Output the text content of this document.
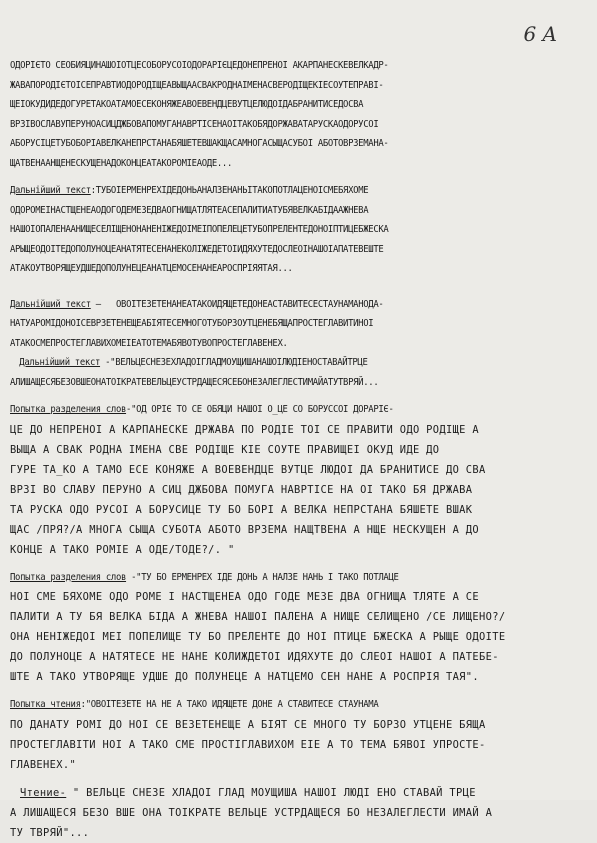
6 A
ОДОРІЄТО СЕОБИЯЦИНАШОІОТЦЕСОБОРУСОІОДОРАРІЄЦЕДОНЕПРЕНОІ АКАРПАНЕСКЕВЕЛКАДР-
ЖАВАПОРОДІЄТОІСЕПРАВТИОДОРОДІЩЕАВЫЩААСВАКРОДНАІМЕНАСВЕРОДІЩЕКІЕСОУТЕПРАВІ-
ЩЕІОКУДИДЕДОГУРЕТАКОАТАМОЕСЕКОНЯЖЕАВОЕВЕНДЦЕВУТЦЕЛЮДОІДАБРАНИТИСЕДОСВА
ВРЗІВОСЛАВУПЕРУНОАСИЦДЖБОВАПОМУГАНАВРТІСЕНАОІТАКОБЯДОРЖАВАТАРУСКАОДОРУСОІ
АБОРУСІЦЕТУБОБОРІАВЕЛКАНЕПРСТАНАБЯШЕТЕВШАКЩАСАМНОГАСЫЩАСУБОІ АБОТОВРЗЕМАНА-
ЩАТВЕНААНЩЕНЕСКУЩЕНАДОКОНЦЕАТАКОРОМІЕАОДЕ...
Дальнійший текст:ТУБОІЕРМЕНРЕХІДЕДОНЬАНАЛЗЕНАНЬІТАКОПОТЛАЦЕНОІСМЕБЯХОМЕ
ОДОРОМЕІНАСТЩЕНЕАОДОГОДЕМЕЗЕДВАОГНИЩАТЛЯТЕАСЕПАЛИТИАТУБЯВЕЛКАБІДААЖНЕВА
НАШОІОПАЛЕНААНИЩЕСЕЛІЩЕНОНАНЕНІЖЕДОІМЕІПОПЕЛЕЦЕТУБОПРЕЛЕНТЕДОНОІПТИЦЕБЖЕСКА
АРЫЩЕОДОІТЕДОПОЛУНОЦЕАНАТЯТЕСЕНАНЕКОЛІЖЕДЕТОІИДЯХУТЕДОСЛЕОІНАШОІАПАТЕВЕШТЕ
АТАКОУТВОРЯЩЕУДШЕДОПОЛУНЕЦЕАНАТЦЕМОСЕНАНЕАРОСПРІЯЯТАЯ...
Дальнійший текст –   ОВОІТЕЗЕТЕНАНЕАТАКОИДЯЩЕТЕДОНЕАСТАВИТЕСЕСТАУНАМАНОДА-
НАТУАРОМІДОНОІСЕВРЗЕТЕНЕЩЕАБІЯТЕСЕМНОГОТУБОРЗОУТЦЕНЕБЯЩАПРОСТЕГЛАВИТИНОІ
АТАКОСМЕПРОСТЕГЛАВИХОМЕІЕАТОТЕМАБЯВОТУВОПРОСТЕГЛАВЕНЕХ.
Дальнійший текст -"ВЕЛЬЦЕСНЕЗЕХЛАДОІГЛАДМОУЩИШАНАШОІЛЮДІЕНОСТАВАЙТРЦЕ
АЛИШАЩЕСЯБЕЗОВШЕОНАТОІКРАТЕВЕЛЬЦЕУСТРДАЩЕСЯСЕБОНЕЗАЛЕГЛЕСТИМАЙАТУТВРЯЙ...
Попытка разделения слов-"ОД ОРІЄ ТО СЕ ОБЯЦИ НАШОІ О_ЦЕ СО БОРУССОІ ДОРАРІЄ-
ЦЕ ДО НЕПРЕНОІ А КАРПАНЕСКЕ ДРЖАВА ПО РОДІЕ ТОІ СЕ ПРАВИТИ ОДО РОДІЩЕ А
ВЫЩА А СВАК РОДНА ІМЕНА СВЕ РОДІЩЕ КІЕ СОУТЕ ПРАВИЩЕІ ОКУД ИДЕ ДО
ГУРЕ ТА_КО А ТАМО ЕСЕ КОНЯЖЕ А ВОЕВЕНДЦЕ ВУТЦЕ ЛЮДОІ ДА БРАНИТИСЕ ДО СВА
ВРЗІ ВО СЛАВУ ПЕРУНО А СИЦ ДЖБОВА ПОМУГА НАВРТІСЕ НА ОІ ТАКО БЯ ДРЖАВА
ТА РУСКА ОДО РУСОІ А БОРУСИЦЕ ТУ БО БОРІ А ВЕЛКА НЕПРСТАНА БЯШЕТЕ ВШАК
ЩАС /ПРЯ?/А МНОГА СЫЩА СУБОТА АБОТО ВРЗЕМА НАЩТВЕНА А НЩЕ НЕСКУЩЕН А ДО
КОНЦЕ А ТАКО РОМІЕ А ОДЕ/ТОДЕ?/. "
Попытка разделения слов -"ТУ БО ЕРМЕНРЕХ ІДЕ ДОНЬ А НАЛЗЕ НАНЬ І ТАКО ПОТЛАЦЕ
НОІ СМЕ БЯХОМЕ ОДО РОМЕ І НАСТЩЕНЕА ОДО ГОДЕ МЕЗЕ ДВА ОГНИЩА ТЛЯТЕ А СЕ
ПАЛИТИ А ТУ БЯ ВЕЛКА БІДА А ЖНЕВА НАШОІ ПАЛЕНА А НИЩЕ СЕЛИЩЕНО /СЕ ЛИЩЕНО?/
ОНА НЕНІЖЕДОІ МЕІ ПОПЕЛИЩЕ ТУ БО ПРЕЛЕНТЕ ДО НОІ ПТИЦЕ БЖЕСКА А РЫЩЕ ОДОІТЕ
ДО ПОЛУНОЦЕ А НАТЯТЕСЕ НЕ НАНЕ КОЛИЖДЕТОІ ИДЯХУТЕ ДО СЛЕОІ НАШОІ А ПАТЕБЕ-
ШТЕ А ТАКО УТВОРЯЩЕ УДШЕ ДО ПОЛУНЕЦЕ А НАТЦЕМО СЕН НАНЕ А РОСПРІЯ ТАЯ".
Попытка чтения:"ОВОІТЕЗЕТЕ НА НЕ А ТАКО ИДЯЩЕТЕ ДОНЕ А СТАВИТЕСЕ СТАУНАМА
ПО ДАНАТУ РОМІ ДО НОІ СЕ ВЕЗЕТЕНЕЩЕ А БІЯТ СЕ МНОГО ТУ БОРЗО УТЦЕНЕ БЯЩА
ПРОСТЕГЛАВІТИ НОІ А ТАКО СМЕ ПРОСТІГЛАВИХОМ ЕІЕ А ТО ТЕМА БЯВОІ УПРОСТЕ-
ГЛАВЕНЕХ."
Чтение- " ВЕЛЬЦЕ СНЕЗЕ ХЛАДОІ ГЛАД МОУЩИША НАШОІ ЛЮДІ ЕНО СТАВАЙ ТРЦЕ
А ЛИШАЩЕСЯ БЕЗО ВШЕ ОНА ТОІКРАТЕ ВЕЛЬЦЕ УСТРДАЩЕСЯ БО НЕЗАЛЕГЛЕСТИ ИМАЙ А
ТУ ТВРЯЙ"...
